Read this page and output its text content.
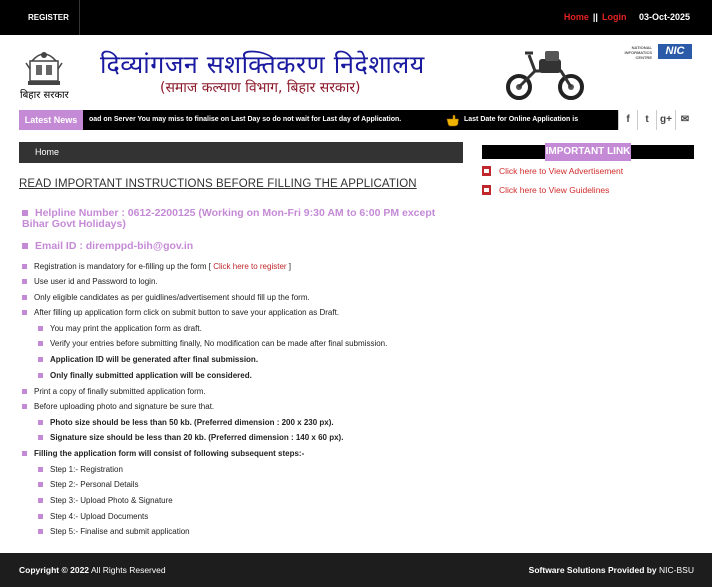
REGISTER	Home || Login 03-Oct-2025
बिहार सरकार
दिव्यांगजन सशक्तिकरण निदेशालय
(समाज कल्याण विभाग, बिहार सरकार)
NATIONAL INFORMATICS CENTRE
NIC
Latest News	oad on Server You may miss to finalise on Last Day so do not wait for Last day of Application.	Last Date for Online Application is	f	t	g+ ✉
Home	IMPORTANT LINK
Click here to View Advertisement
Click here to View Guidelines
READ IMPORTANT INSTRUCTIONS BEFORE FILLING THE APPLICATION
Helpline Number : 0612-2200125 (Working on Mon-Fri 9:30 AM to 6:00 PM except Bihar Govt Holidays)
Email ID : diremppd-bih@gov.in
Registration is mandatory for e-filling up the form [ Click here to register ]
Use user id and Password to login.
Only eligible candidates as per guidlines/advertisement should fill up the form.
After filling up application form click on submit button to save your application as Draft.
You may print the application form as draft.
Verify your entries before submitting finally, No modification can be made after final submission.
Application ID will be generated after final submission.
Only finally submitted application will be considered.
Print a copy of finally submitted application form.
Before uploading photo and signature be sure that.
Photo size should be less than 50 kb. (Preferred dimension : 200 x 230 px).
Signature size should be less than 20 kb. (Preferred dimension : 140 x 60 px).
Filling the application form will consist of following subsequent steps:-
Step 1:- Registration
Step 2:- Personal Details
Step 3:- Upload Photo & Signature
Step 4:- Upload Documents
Step 5:- Finalise and submit application
Copyright © 2022 All Rights Reserved	Software Solutions Provided by NIC-BSU
